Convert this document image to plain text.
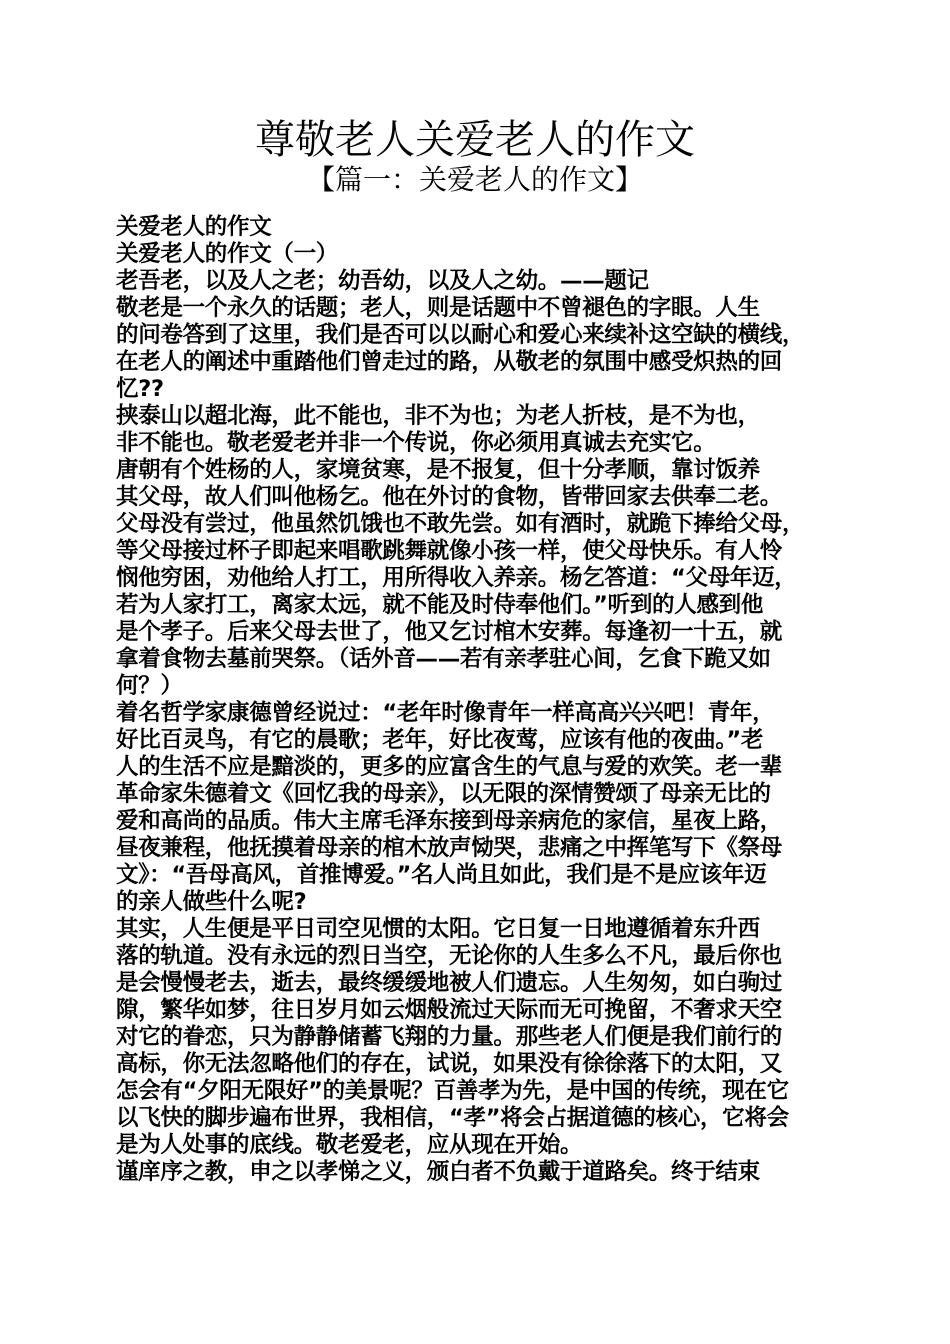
尊敬老人关爱老人的作文
【篇一：关爱老人的作文】
关爱老人的作文
关爱老人的作文（一）
老吾老，以及人之老；幼吾幼，以及人之幼。——题记
敬老是一个永久的话题；老人，则是话题中不曾褪色的字眼。人生
的问卷答到了这里，我们是否可以以耐心和爱心来续补这空缺的横线，
在老人的阐述中重踏他们曾走过的路，从敬老的氛围中感受炽热的回
忆??
挟泰山以超北海，此不能也，非不为也；为老人折枝，是不为也，
非不能也。敬老爱老并非一个传说，你必须用真诚去充实它。
唐朝有个姓杨的人，家境贫寒，是不报复，但十分孝顺，靠讨饭养
其父母，故人们叫他杨乞。他在外讨的食物，皆带回家去供奉二老。
父母没有尝过，他虽然饥饿也不敢先尝。如有酒时，就跪下捧给父母，
等父母接过杯子即起来唱歌跳舞就像小孩一样，使父母快乐。有人怜
悯他穷困，劝他给人打工，用所得收入养亲。杨乞答道：“父母年迈，
若为人家打工，离家太远，就不能及时侍奉他们。”听到的人感到他
是个孝子。后来父母去世了，他又乞讨棺木安葬。每逢初一十五，就
拿着食物去墓前哭祭。（话外音——若有亲孝驻心间，乞食下跪又如
何？）
着名哲学家康德曾经说过：“老年时像青年一样高高兴兴吧！青年，
好比百灵鸟，有它的晨歌；老年，好比夜莺，应该有他的夜曲。”老
人的生活不应是黯淡的，更多的应富含生的气息与爱的欢笑。老一辈
革命家朱德着文《回忆我的母亲》，以无限的深情赞颂了母亲无比的
爱和高尚的品质。伟大主席毛泽东接到母亲病危的家信，星夜上路，
昼夜兼程，他抚摸着母亲的棺木放声恸哭，悲痛之中挥笔写下《祭母
文》：“吾母高风，首推博爱。”名人尚且如此，我们是不是应该年迈
的亲人做些什么呢?
其实，人生便是平日司空见惯的太阳。它日复一日地遵循着东升西
落的轨道。没有永远的烈日当空，无论你的人生多么不凡，最后你也
是会慢慢老去，逝去，最终缓缓地被人们遗忘。人生匆匆，如白驹过
隙，繁华如梦，往日岁月如云烟般流过天际而无可挽留，不奢求天空
对它的眷恋，只为静静储蓄飞翔的力量。那些老人们便是我们前行的
高标，你无法忽略他们的存在，试说，如果没有徐徐落下的太阳，又
怎会有“夕阳无限好”的美景呢？百善孝为先，是中国的传统，现在它
以飞快的脚步遍布世界，我相信，“孝”将会占据道德的核心，它将会
是为人处事的底线。敬老爱老，应从现在开始。
谨庠序之教，申之以孝悌之义，颁白者不负戴于道路矣。终于结束
